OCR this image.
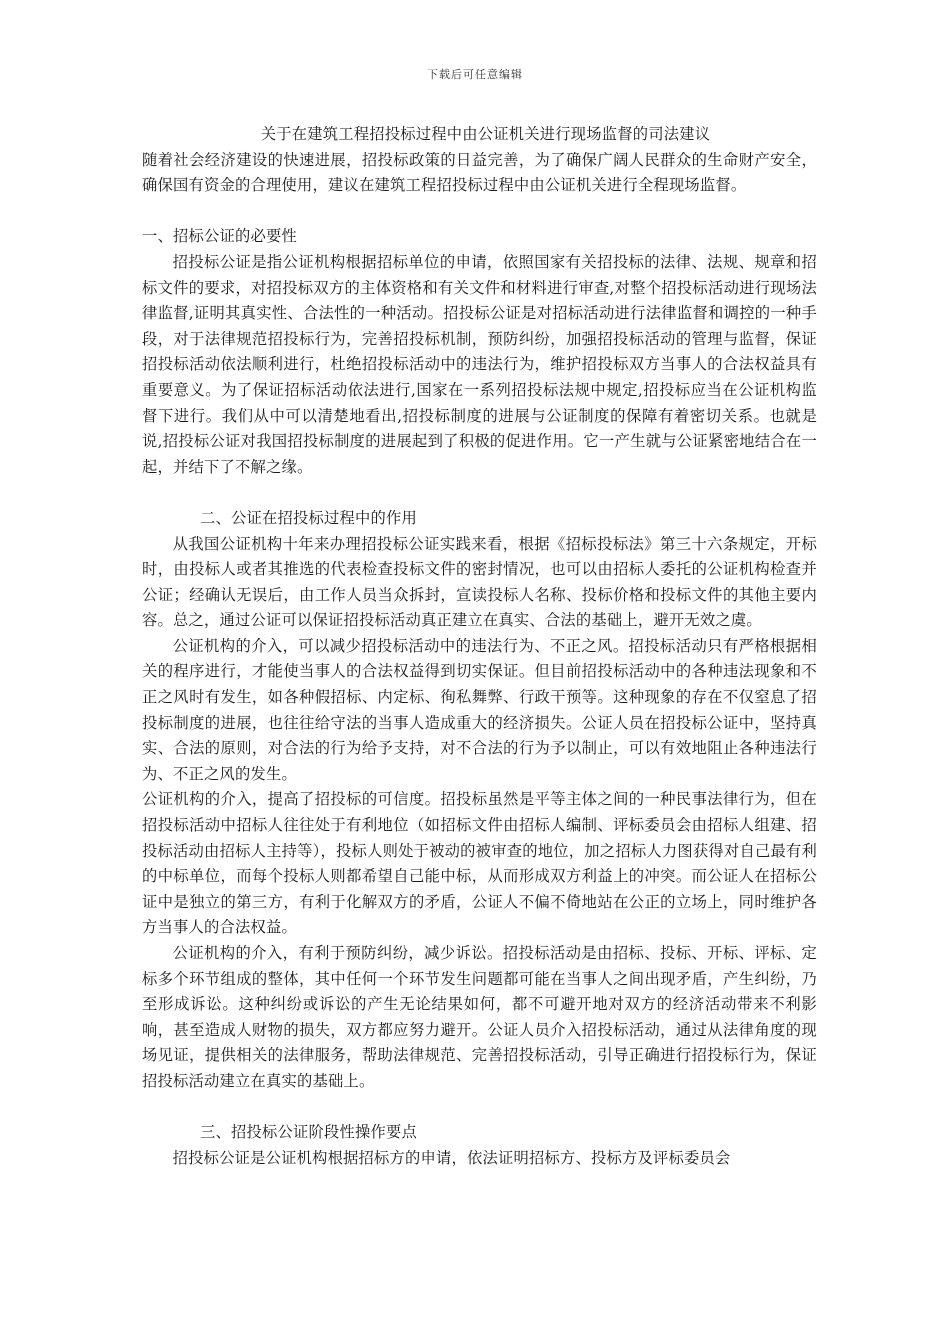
下载后可任意编辑
关于在建筑工程招投标过程中由公证机关进行现场监督的司法建议

随着社会经济建设的快速进展，招投标政策的日益完善，为了确保广阔人民群众的生命财产安全，确保国有资金的合理使用，建议在建筑工程招投标过程中由公证机关进行全程现场监督。

一、招标公证的必要性

招投标公证是指公证机构根据招标单位的申请，依照国家有关招投标的法律、法规、规章和招标文件的要求，对招投标双方的主体资格和有关文件和材料进行审查,对整个招投标活动进行现场法律监督,证明其真实性、合法性的一种活动。招投标公证是对招标活动进行法律监督和调控的一种手段，对于法律规范招投标行为，完善招投标机制，预防纠纷，加强招投标活动的管理与监督，保证招投标活动依法顺利进行，杜绝招投标活动中的违法行为，维护招投标双方当事人的合法权益具有重要意义。为了保证招标活动依法进行,国家在一系列招投标法规中规定,招投标应当在公证机构监督下进行。我们从中可以清楚地看出,招投标制度的进展与公证制度的保障有着密切关系。也就是说,招投标公证对我国招投标制度的进展起到了积极的促进作用。它一产生就与公证紧密地结合在一起，并结下了不解之缘。

二、公证在招投标过程中的作用

从我国公证机构十年来办理招投标公证实践来看，根据《招标投标法》第三十六条规定，开标时，由投标人或者其推选的代表检查投标文件的密封情况，也可以由招标人委托的公证机构检查并公证；经确认无误后，由工作人员当众拆封，宣读投标人名称、投标价格和投标文件的其他主要内容。总之，通过公证可以保证招投标活动真正建立在真实、合法的基础上，避开无效之虞。

公证机构的介入，可以减少招投标活动中的违法行为、不正之风。招投标活动只有严格根据相关的程序进行，才能使当事人的合法权益得到切实保证。但目前招投标活动中的各种违法现象和不正之风时有发生，如各种假招标、内定标、徇私舞弊、行政干预等。这种现象的存在不仅窒息了招投标制度的进展，也往往给守法的当事人造成重大的经济损失。公证人员在招投标公证中，坚持真实、合法的原则，对合法的行为给予支持，对不合法的行为予以制止，可以有效地阻止各种违法行为、不正之风的发生。

公证机构的介入，提高了招投标的可信度。招投标虽然是平等主体之间的一种民事法律行为，但在招投标活动中招标人往往处于有利地位（如招标文件由招标人编制、评标委员会由招标人组建、招投标活动由招标人主持等），投标人则处于被动的被审查的地位，加之招标人力图获得对自己最有利的中标单位，而每个投标人则都希望自己能中标，从而形成双方利益上的冲突。而公证人在招标公证中是独立的第三方，有利于化解双方的矛盾，公证人不偏不倚地站在公正的立场上，同时维护各方当事人的合法权益。

公证机构的介入，有利于预防纠纷，减少诉讼。招投标活动是由招标、投标、开标、评标、定标多个环节组成的整体，其中任何一个环节发生问题都可能在当事人之间出现矛盾，产生纠纷，乃至形成诉讼。这种纠纷或诉讼的产生无论结果如何，都不可避开地对双方的经济活动带来不利影响，甚至造成人财物的损失，双方都应努力避开。公证人员介入招投标活动，通过从法律角度的现场见证，提供相关的法律服务，帮助法律规范、完善招投标活动，引导正确进行招投标行为，保证招投标活动建立在真实的基础上。

三、招投标公证阶段性操作要点

招投标公证是公证机构根据招标方的申请，依法证明招标方、投标方及评标委员会
